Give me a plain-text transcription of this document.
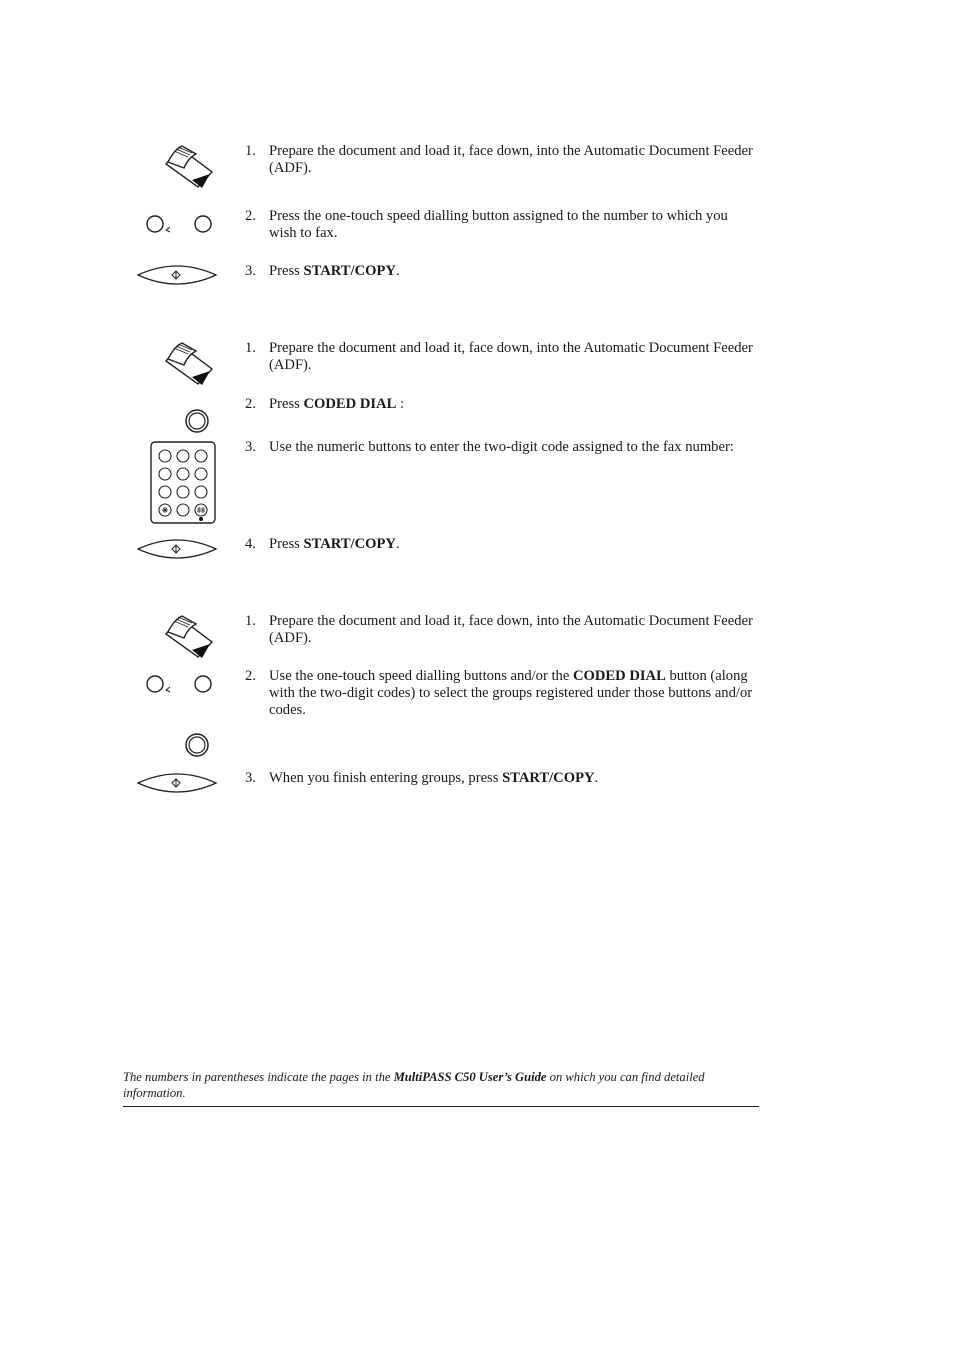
1. Prepare the document and load it, face down, into the Automatic Document Feeder (ADF).
2. Press the one-touch speed dialling button assigned to the number to which you wish to fax.
3. Press START/COPY.
1. Prepare the document and load it, face down, into the Automatic Document Feeder (ADF).
2. Press CODED DIAL :
3. Use the numeric buttons to enter the two-digit code assigned to the fax number:
4. Press START/COPY.
1. Prepare the document and load it, face down, into the Automatic Document Feeder (ADF).
2. Use the one-touch speed dialling buttons and/or the CODED DIAL button (along with the two-digit codes) to select the groups registered under those buttons and/or codes.
3. When you finish entering groups, press START/COPY.
The numbers in parentheses indicate the pages in the MultiPASS C50 User’s Guide on which you can find detailed information.
